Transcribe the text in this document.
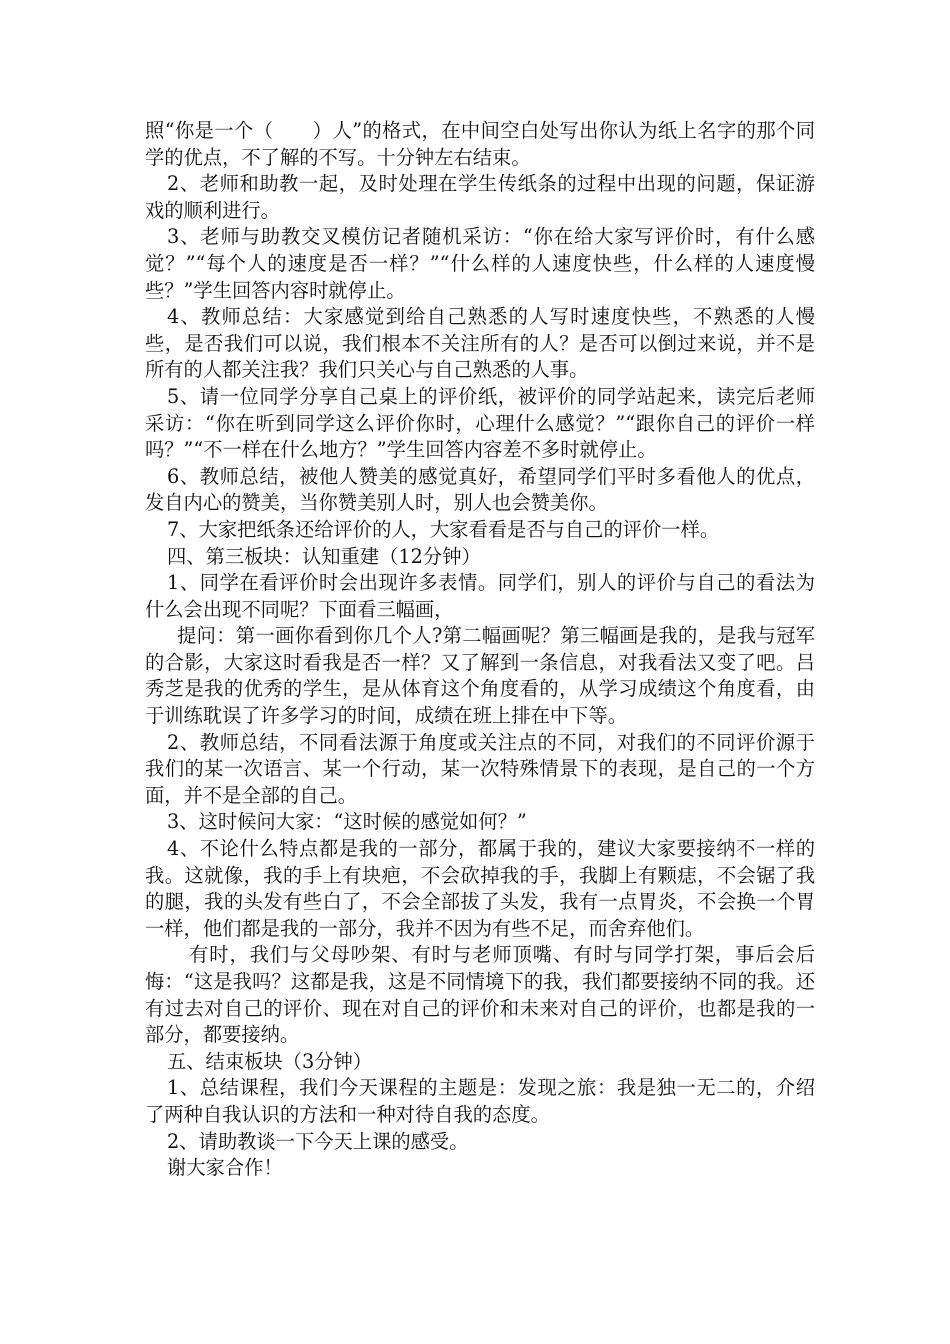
照“你是一个（　　）人”的格式，在中间空白处写出你认为纸上名字的那个同学的优点，不了解的不写。十分钟左右结束。

2、老师和助教一起，及时处理在学生传纸条的过程中出现的问题，保证游戏的顺利进行。

3、老师与助教交叉模仿记者随机采访：“你在给大家写评价时，有什么感觉？”“每个人的速度是否一样？”“什么样的人速度快些，什么样的人速度慢些？”学生回答内容时就停止。

4、教师总结：大家感觉到给自己熟悉的人写时速度快些，不熟悉的人慢些，是否我们可以说，我们根本不关注所有的人？是否可以倒过来说，并不是所有的人都关注我？我们只关心与自己熟悉的人事。

5、请一位同学分享自己桌上的评价纸，被评价的同学站起来，读完后老师采访：“你在听到同学这么评价你时，心理什么感觉？”“跟你自己的评价一样吗？”“不一样在什么地方？”学生回答内容差不多时就停止。

6、教师总结，被他人赞美的感觉真好，希望同学们平时多看他人的优点，发自内心的赞美，当你赞美别人时，别人也会赞美你。

7、大家把纸条还给评价的人，大家看看是否与自己的评价一样。

四、第三板块：认知重建（12分钟）

1、同学在看评价时会出现许多表情。同学们，别人的评价与自己的看法为什么会出现不同呢？下面看三幅画，

提问：第一画你看到你几个人?第二幅画呢？第三幅画是我的，是我与冠军的合影，大家这时看我是否一样？又了解到一条信息，对我看法又变了吧。吕秀芝是我的优秀的学生，是从体育这个角度看的，从学习成绩这个角度看，由于训练耽误了许多学习的时间，成绩在班上排在中下等。

2、教师总结，不同看法源于角度或关注点的不同，对我们的不同评价源于我们的某一次语言、某一个行动，某一次特殊情景下的表现，是自己的一个方面，并不是全部的自己。

3、这时候问大家：“这时候的感觉如何？”

4、不论什么特点都是我的一部分，都属于我的，建议大家要接纳不一样的我。这就像，我的手上有块疤，不会砍掉我的手，我脚上有颗痣，不会锯了我的腿，我的头发有些白了，不会全部拔了头发，我有一点胃炎，不会换一个胃一样，他们都是我的一部分，我并不因为有些不足，而舍弃他们。

有时，我们与父母吵架、有时与老师顶嘴、有时与同学打架，事后会后悔：“这是我吗？这都是我，这是不同情境下的我，我们都要接纳不同的我。还有过去对自己的评价、现在对自己的评价和未来对自己的评价，也都是我的一部分，都要接纳。

五、结束板块（3分钟）

1、总结课程，我们今天课程的主题是：发现之旅：我是独一无二的，介绍了两种自我认识的方法和一种对待自我的态度。

2、请助教谈一下今天上课的感受。

谢大家合作！
